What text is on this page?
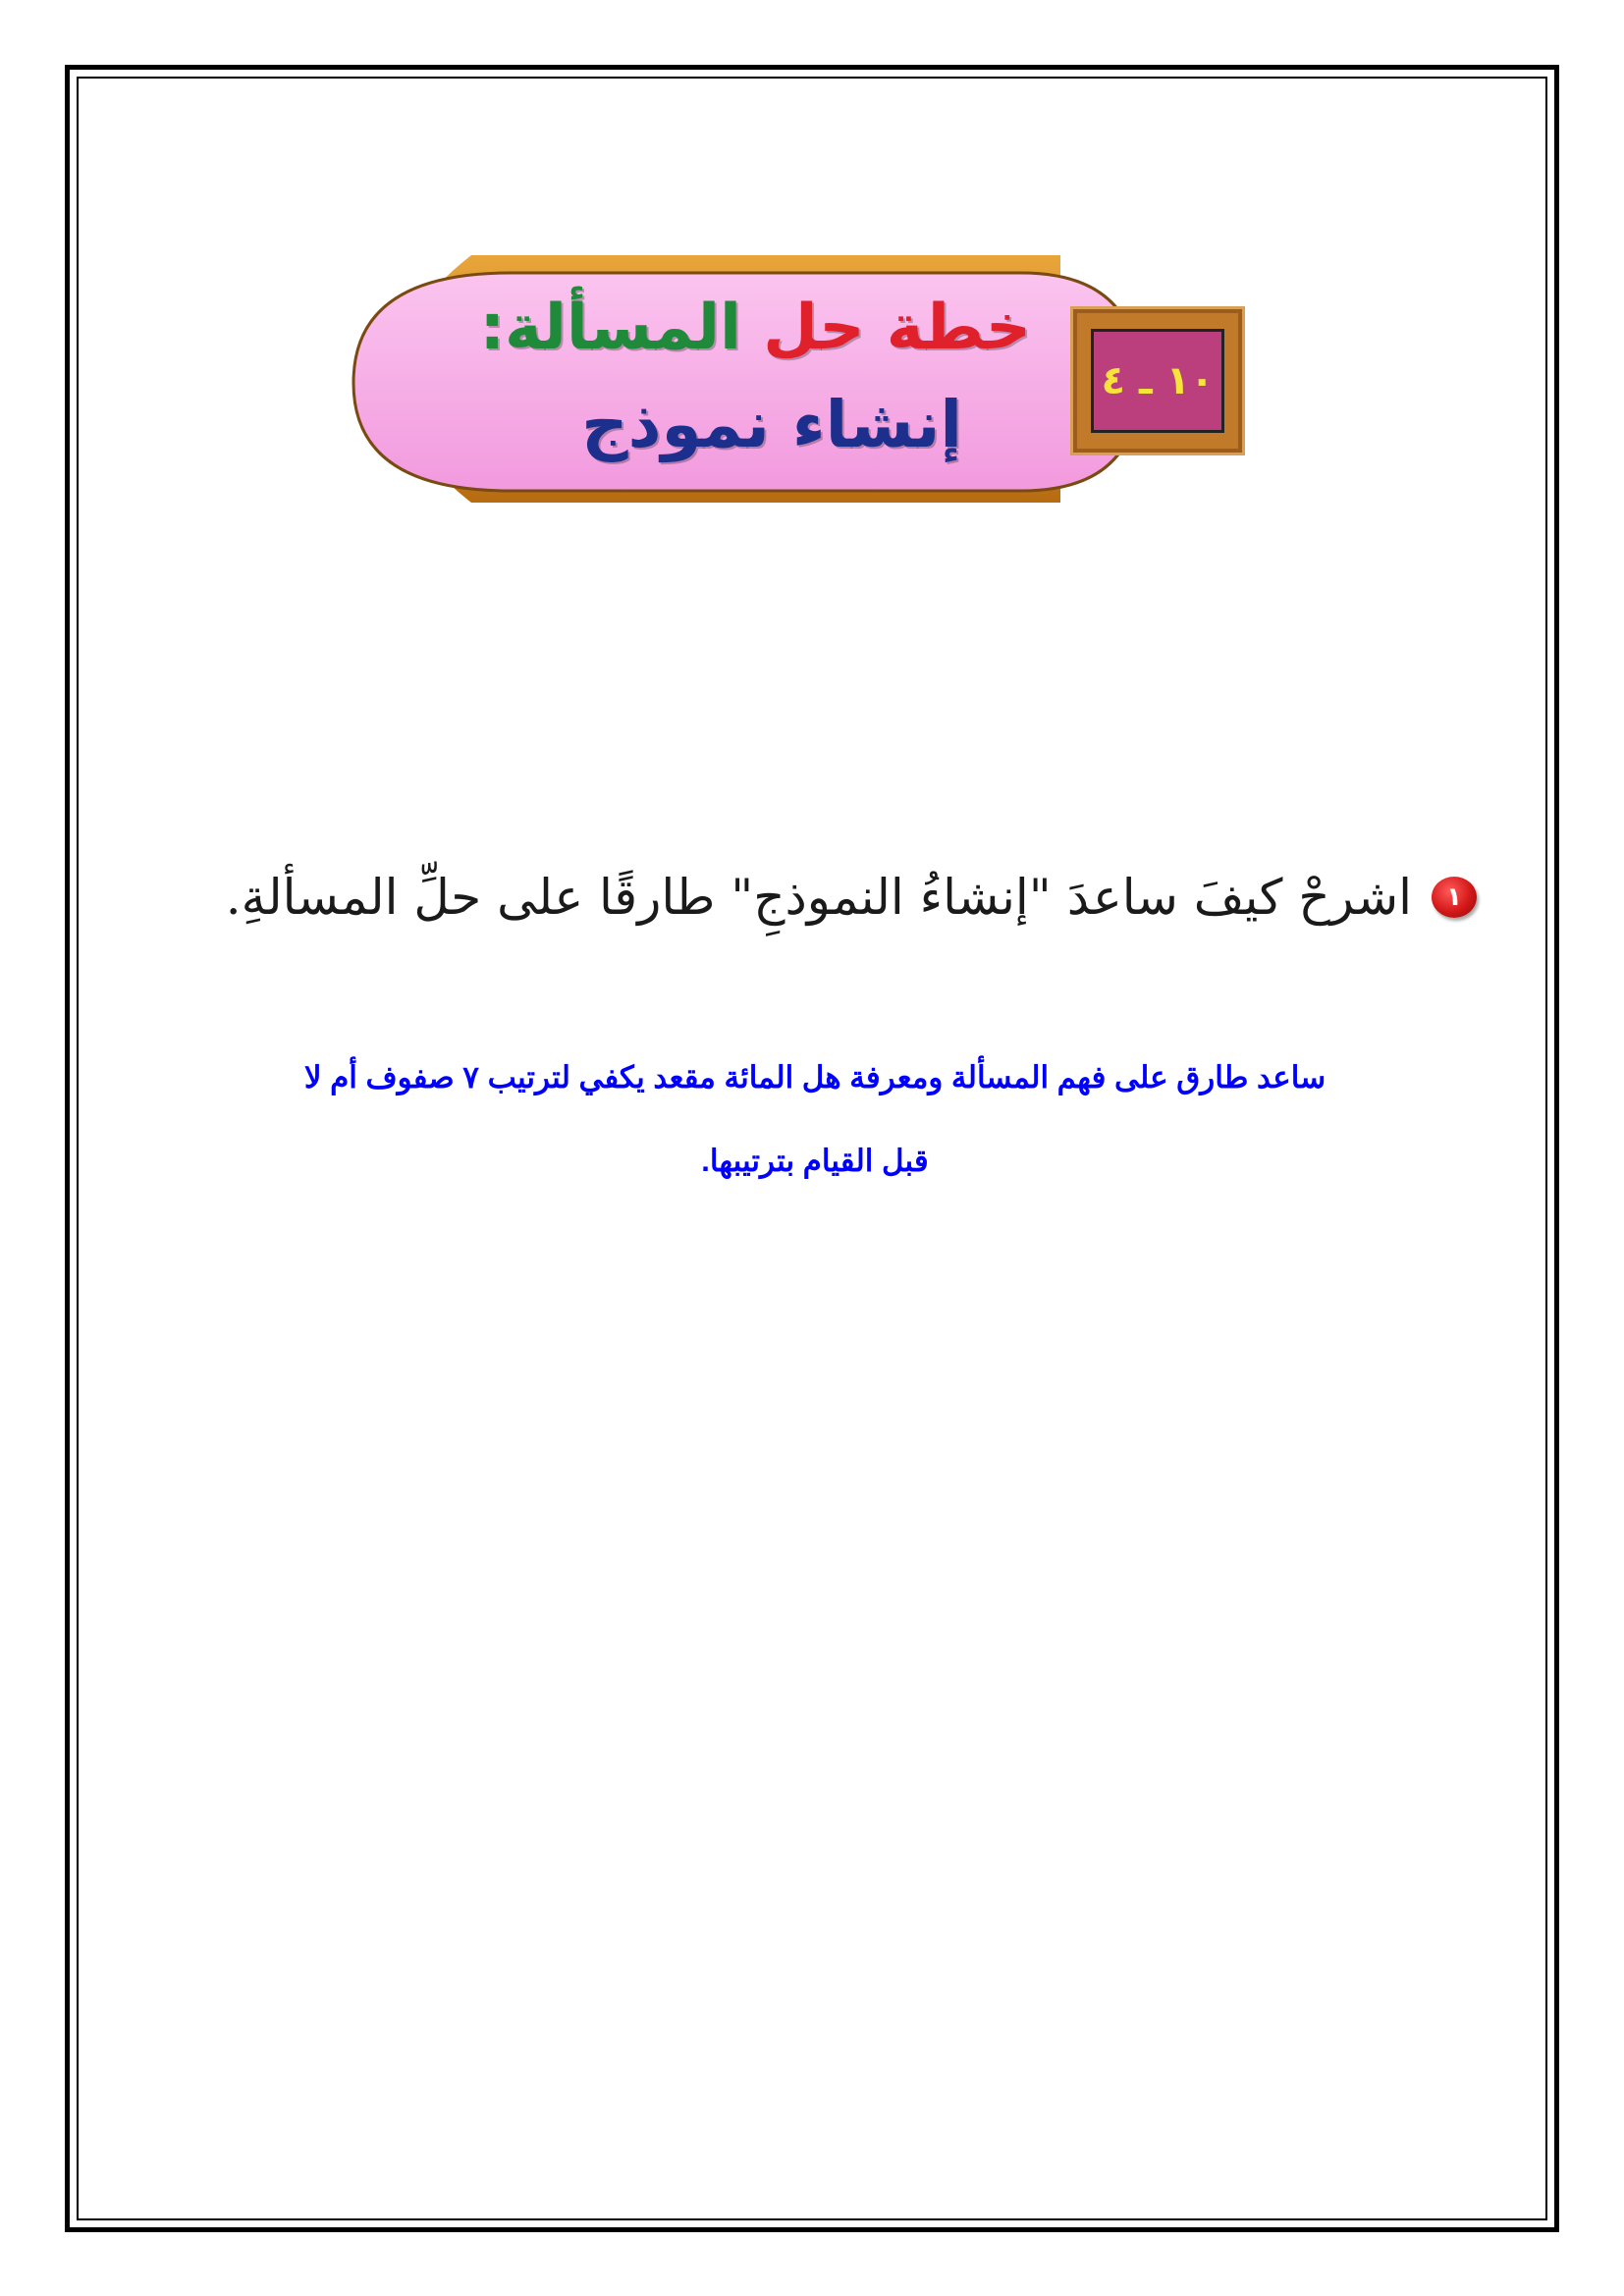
خطة حل المسألة:
إنشاء نموذج
١٠ ـ ٤
١
اشرحْ كيفَ ساعدَ "إنشاءُ النموذجِ" طارقًا على حلِّ المسألةِ.
ساعد طارق على فهم المسألة ومعرفة هل المائة مقعد يكفي لترتيب ٧ صفوف أم لا
قبل القيام بترتيبها.
